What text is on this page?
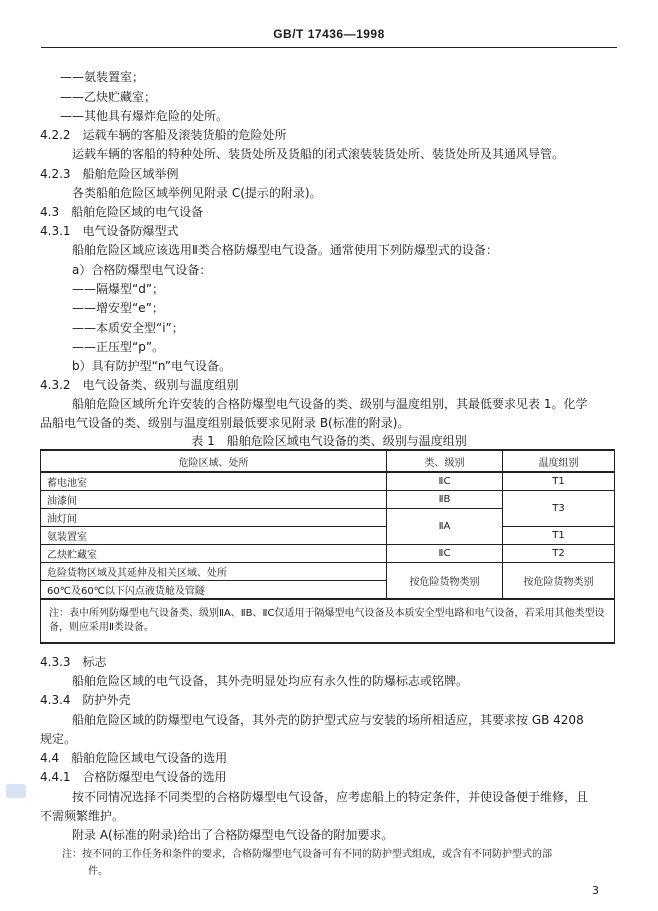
GB/T 17436—1998
——氨装置室；
——乙炔贮藏室；
——其他具有爆炸危险的处所。
4.2.2　运载车辆的客船及滚装货船的危险处所
运载车辆的客船的特种处所、装货处所及货船的闭式滚装装货处所、装货处所及其通风导管。
4.2.3　船舶危险区域举例
各类船舶危险区域举例见附录 C(提示的附录)。
4.3　船舶危险区域的电气设备
4.3.1　电气设备防爆型式
船舶危险区域应该选用Ⅱ类合格防爆型电气设备。通常使用下列防爆型式的设备：
a）合格防爆型电气设备：
——隔爆型“d”；
——增安型“e”；
——本质安全型“i”；
——正压型“p”。
b）具有防护型“n”电气设备。
4.3.2　电气设备类、级别与温度组别
船舶危险区域所允许安装的合格防爆型电气设备的类、级别与温度组别，其最低要求见表 1。化学
品船电气设备的类、级别与温度组别最低要求见附录 B(标准的附录)。
表 1　船舶危险区域电气设备的类、级别与温度组别
危险区域、处所	类、级别	温度组别
蓄电池室	ⅡC	T1
油漆间	ⅡB	T3
油灯间	ⅡA	
氨装置室		T1
乙炔贮藏室	ⅡC	T2
危险货物区域及其延伸及相关区域、处所	按危险货物类别	按危险货物类别
60℃及60℃以下闪点液货舱及管隧		
注：表中所列防爆型电气设备类、级别ⅡA、ⅡB、ⅡC仅适用于隔爆型电气设备及本质安全型电路和电气设备，若采用其他类型设备，则应采用Ⅱ类设备。		
4.3.3　标志
船舶危险区域的电气设备，其外壳明显处均应有永久性的防爆标志或铭牌。
4.3.4　防护外壳
船舶危险区域的防爆型电气设备，其外壳的防护型式应与安装的场所相适应，其要求按 GB 4208
规定。
4.4　船舶危险区域电气设备的选用
4.4.1　合格防爆型电气设备的选用
按不同情况选择不同类型的合格防爆型电气设备，应考虑船上的特定条件，并使设备便于维修，且
不需频繁维护。
附录 A(标准的附录)给出了合格防爆型电气设备的附加要求。
注：按不同的工作任务和条件的要求，合格防爆型电气设备可有不同的防护型式组成，或含有不同防护型式的部
件。
3
